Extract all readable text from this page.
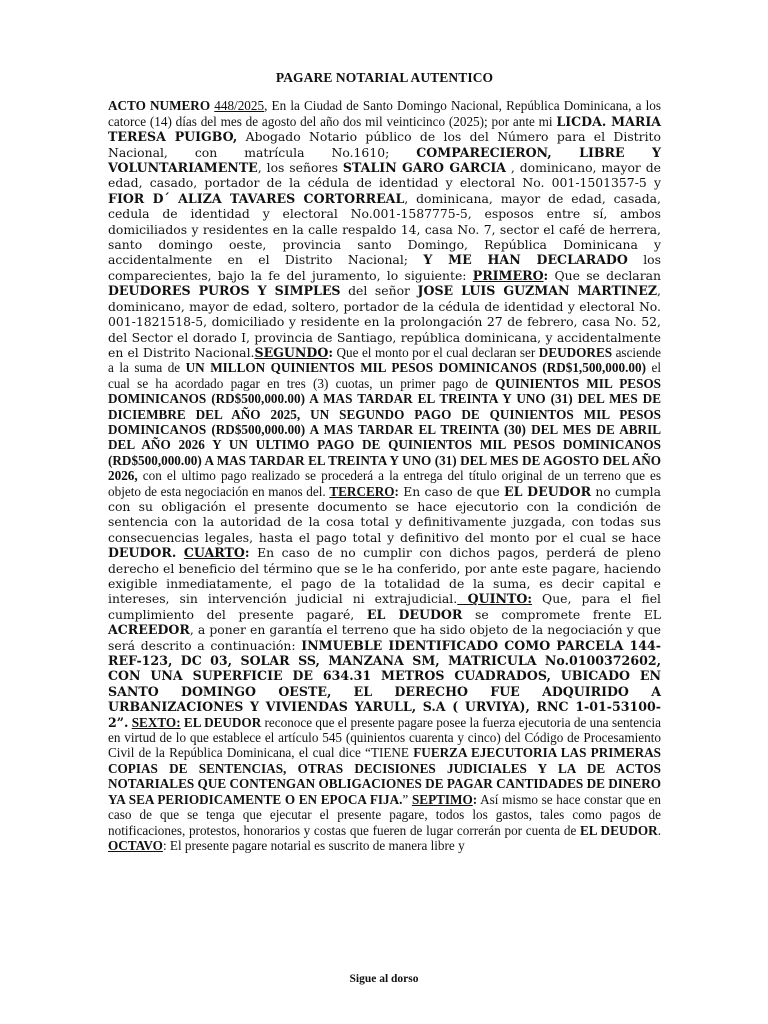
PAGARE NOTARIAL AUTENTICO

ACTO NUMERO 448/2025, En la Ciudad de Santo Domingo Nacional, República Dominicana, a los catorce (14) días del mes de agosto del año dos mil veinticinco (2025); por ante mi LICDA. MARIA TERESA PUIGBO, Abogado Notario público de los del Número para el Distrito Nacional, con matrícula No.1610; COMPARECIERON, LIBRE Y VOLUNTARIAMENTE, los señores STALIN GARO GARCIA , dominicano, mayor de edad, casado, portador de la cédula de identidad y electoral No. 001-1501357-5 y FIOR D´ ALIZA TAVARES CORTORREAL, dominicana, mayor de edad, casada, cedula de identidad y electoral No.001-1587775-5, esposos entre sí, ambos domiciliados y residentes en la calle respaldo 14, casa No. 7, sector el café de herrera, santo domingo oeste, provincia santo Domingo, República Dominicana y accidentalmente en el Distrito Nacional; Y ME HAN DECLARADO los comparecientes, bajo la fe del juramento, lo siguiente: PRIMERO: Que se declaran DEUDORES PUROS Y SIMPLES del señor JOSE LUIS GUZMAN MARTINEZ, dominicano, mayor de edad, soltero, portador de la cédula de identidad y electoral No. 001-1821518-5, domiciliado y residente en la prolongación 27 de febrero, casa No. 52, del Sector el dorado I, provincia de Santiago, república dominicana, y accidentalmente en el Distrito Nacional.SEGUNDO: Que el monto por el cual declaran ser DEUDORES asciende a la suma de UN MILLON QUINIENTOS MIL PESOS DOMINICANOS (RD$1,500,000.00) el cual se ha acordado pagar en tres (3) cuotas, un primer pago de QUINIENTOS MIL PESOS DOMINICANOS (RD$500,000.00) A MAS TARDAR EL TREINTA Y UNO (31) DEL MES DE DICIEMBRE DEL AÑO 2025, UN SEGUNDO PAGO DE QUINIENTOS MIL PESOS DOMINICANOS (RD$500,000.00) A MAS TARDAR EL TREINTA (30) DEL MES DE ABRIL DEL AÑO 2026 Y UN ULTIMO PAGO DE QUINIENTOS MIL PESOS DOMINICANOS (RD$500,000.00) A MAS TARDAR EL TREINTA Y UNO (31) DEL MES DE AGOSTO DEL AÑO 2026, con el ultimo pago realizado se procederá a la entrega del título original de un terreno que es objeto de esta negociación en manos del. TERCERO: En caso de que EL DEUDOR no cumpla con su obligación el presente documento se hace ejecutorio con la condición de sentencia con la autoridad de la cosa total y definitivamente juzgada, con todas sus consecuencias legales, hasta el pago total y definitivo del monto por el cual se hace DEUDOR. CUARTO: En caso de no cumplir con dichos pagos, perderá de pleno derecho el beneficio del término que se le ha conferido, por ante este pagare, haciendo exigible inmediatamente, el pago de la totalidad de la suma, es decir capital e intereses, sin intervención judicial ni extrajudicial. QUINTO: Que, para el fiel cumplimiento del presente pagaré, EL DEUDOR se compromete frente EL ACREEDOR, a poner en garantía el terreno que ha sido objeto de la negociación y que será descrito a continuación: INMUEBLE IDENTIFICADO COMO PARCELA 144-REF-123, DC 03, SOLAR SS, MANZANA SM, MATRICULA No.0100372602, CON UNA SUPERFICIE DE 634.31 METROS CUADRADOS, UBICADO EN SANTO DOMINGO OESTE, EL DERECHO FUE ADQUIRIDO A URBANIZACIONES Y VIVIENDAS YARULL, S.A ( URVIYA), RNC 1-01-53100-2”. SEXTO: EL DEUDOR reconoce que el presente pagare posee la fuerza ejecutoria de una sentencia en virtud de lo que establece el artículo 545 (quinientos cuarenta y cinco) del Código de Procesamiento Civil de la República Dominicana, el cual dice “TIENE FUERZA EJECUTORIA LAS PRIMERAS COPIAS DE SENTENCIAS, OTRAS DECISIONES JUDICIALES Y LA DE ACTOS NOTARIALES QUE CONTENGAN OBLIGACIONES DE PAGAR CANTIDADES DE DINERO YA SEA PERIODICAMENTE O EN EPOCA FIJA.” SEPTIMO: Así mismo se hace constar que en caso de que se tenga que ejecutar el presente pagare, todos los gastos, tales como pagos de notificaciones, protestos, honorarios y costas que fueren de lugar correrán por cuenta de EL DEUDOR. OCTAVO: El presente pagare notarial es suscrito de manera libre y

Sigue al dorso
